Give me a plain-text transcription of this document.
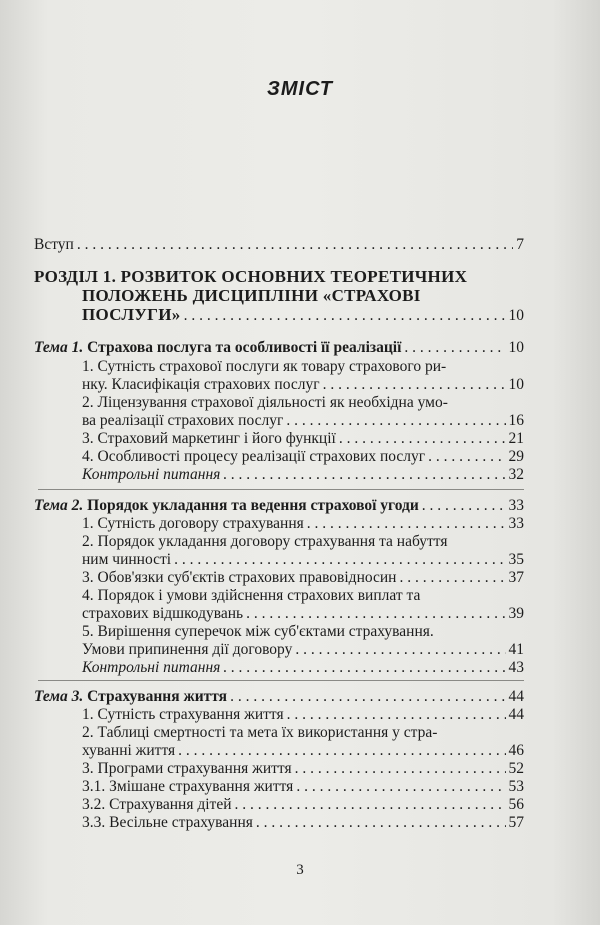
ЗМІСТ
Вступ . . .	7
РОЗДІЛ 1. РОЗВИТОК ОСНОВНИХ ТЕОРЕТИЧНИХ
ПОЛОЖЕНЬ ДИСЦИПЛІНИ «СТРАХОВІ
ПОСЛУГИ» . . .	10
Тема 1. Страхова послуга та особливості її реалізації . . .	10
1. Сутність страхової послуги як товару страхового ри-
нку. Класифікація страхових послуг . . .	10
2. Ліцензування страхової діяльності як необхідна умо-
ва реалізації страхових послуг . . .	16
3. Страховий маркетинг і його функції . . .	21
4. Особливості процесу реалізації страхових послуг . . .	29
Контрольні питання . . .	32
Тема 2. Порядок укладання та ведення страхової угоди . . .	33
1. Сутність договору страхування . . .	33
2. Порядок укладання договору страхування та набуття
ним чинності . . .	35
3. Обов'язки суб'єктів страхових правовідносин . . .	37
4. Порядок і умови здійснення страхових виплат та
страхових відшкодувань . . .	39
5. Вирішення суперечок між суб'єктами страхування.
Умови припинення дії договору . . .	41
Контрольні питання . . .	43
Тема 3. Страхування життя . . .	44
1. Сутність страхування життя . . .	44
2. Таблиці смертності та мета їх використання у стра-
хуванні життя . . .	46
3. Програми страхування життя . . .	52
3.1. Змішане страхування життя . . .	53
3.2. Страхування дітей . . .	56
3.3. Весільне страхування . . .	57
3
